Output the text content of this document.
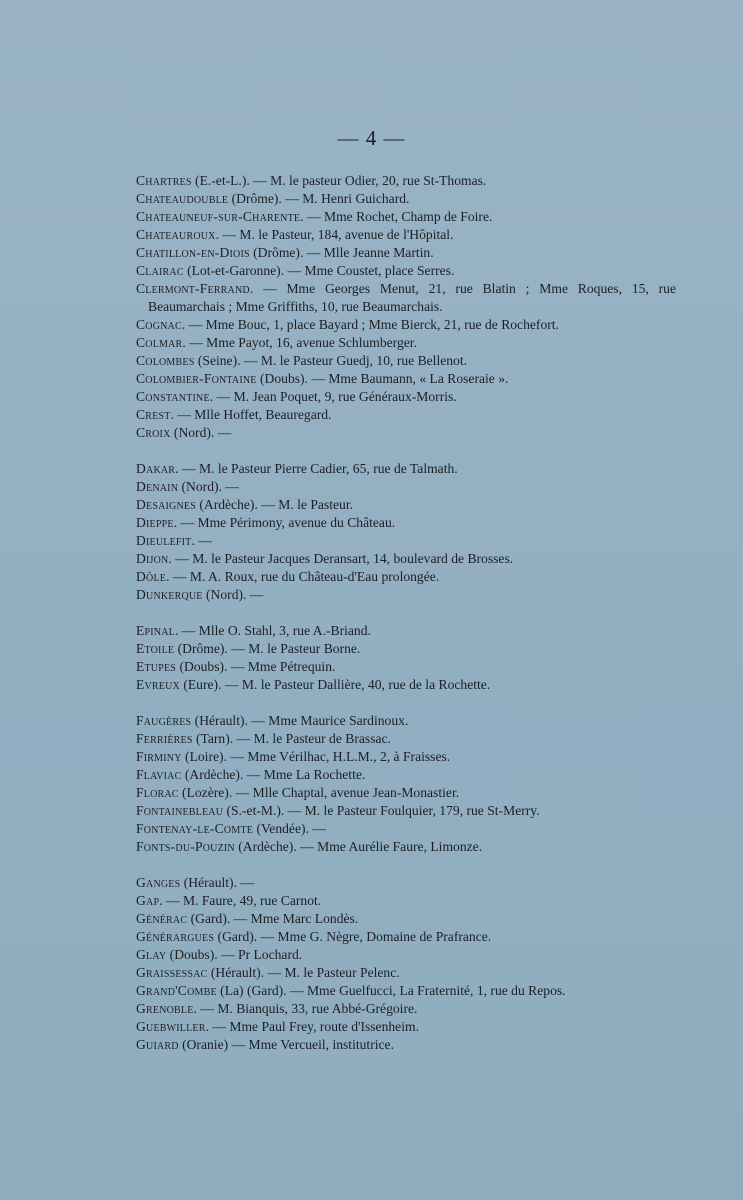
— 4 —
Chartres (E.-et-L.). — M. le pasteur Odier, 20, rue St-Thomas.
Chateaudouble (Drôme). — M. Henri Guichard.
Chateauneuf-sur-Charente. — Mme Rochet, Champ de Foire.
Chateauroux. — M. le Pasteur, 184, avenue de l'Hôpital.
Chatillon-en-Diois (Drôme). — Mlle Jeanne Martin.
Clairac (Lot-et-Garonne). — Mme Coustet, place Serres.
Clermont-Ferrand. — Mme Georges Menut, 21, rue Blatin ; Mme Roques, 15, rue Beaumarchais ; Mme Griffiths, 10, rue Beaumarchais.
Cognac. — Mme Bouc, 1, place Bayard ; Mme Bierck, 21, rue de Rochefort.
Colmar. — Mme Payot, 16, avenue Schlumberger.
Colombes (Seine). — M. le Pasteur Guedj, 10, rue Bellenot.
Colombier-Fontaine (Doubs). — Mme Baumann, « La Roseraie ».
Constantine. — M. Jean Poquet, 9, rue Généraux-Morris.
Crest. — Mlle Hoffet, Beauregard.
Croix (Nord). —
Dakar. — M. le Pasteur Pierre Cadier, 65, rue de Talmath.
Denain (Nord). —
Desaignes (Ardèche). — M. le Pasteur.
Dieppe. — Mme Périmony, avenue du Château.
Dieulefit. —
Dijon. — M. le Pasteur Jacques Deransart, 14, boulevard de Brosses.
Dôle. — M. A. Roux, rue du Château-d'Eau prolongée.
Dunkerque (Nord). —
Epinal. — Mlle O. Stahl, 3, rue A.-Briand.
Etoile (Drôme). — M. le Pasteur Borne.
Etupes (Doubs). — Mme Pétrequin.
Evreux (Eure). — M. le Pasteur Dallière, 40, rue de la Rochette.
Faugères (Hérault). — Mme Maurice Sardinoux.
Ferrières (Tarn). — M. le Pasteur de Brassac.
Firminy (Loire). — Mme Vérilhac, H.L.M., 2, à Fraisses.
Flaviac (Ardèche). — Mme La Rochette.
Florac (Lozère). — Mlle Chaptal, avenue Jean-Monastier.
Fontainebleau (S.-et-M.). — M. le Pasteur Foulquier, 179, rue St-Merry.
Fontenay-le-Comte (Vendée). —
Fonts-du-Pouzin (Ardèche). — Mme Aurélie Faure, Limonze.
Ganges (Hérault). —
Gap. — M. Faure, 49, rue Carnot.
Générac (Gard). — Mme Marc Londès.
Générargues (Gard). — Mme G. Nègre, Domaine de Prafrance.
Glay (Doubs). — Pr Lochard.
Graissessac (Hérault). — M. le Pasteur Pelenc.
Grand'Combe (La) (Gard). — Mme Guelfucci, La Fraternité, 1, rue du Repos.
Grenoble. — M. Bianquis, 33, rue Abbé-Grégoire.
Guebwiller. — Mme Paul Frey, route d'Issenheim.
Guiard (Oranie) — Mme Vercueil, institutrice.
